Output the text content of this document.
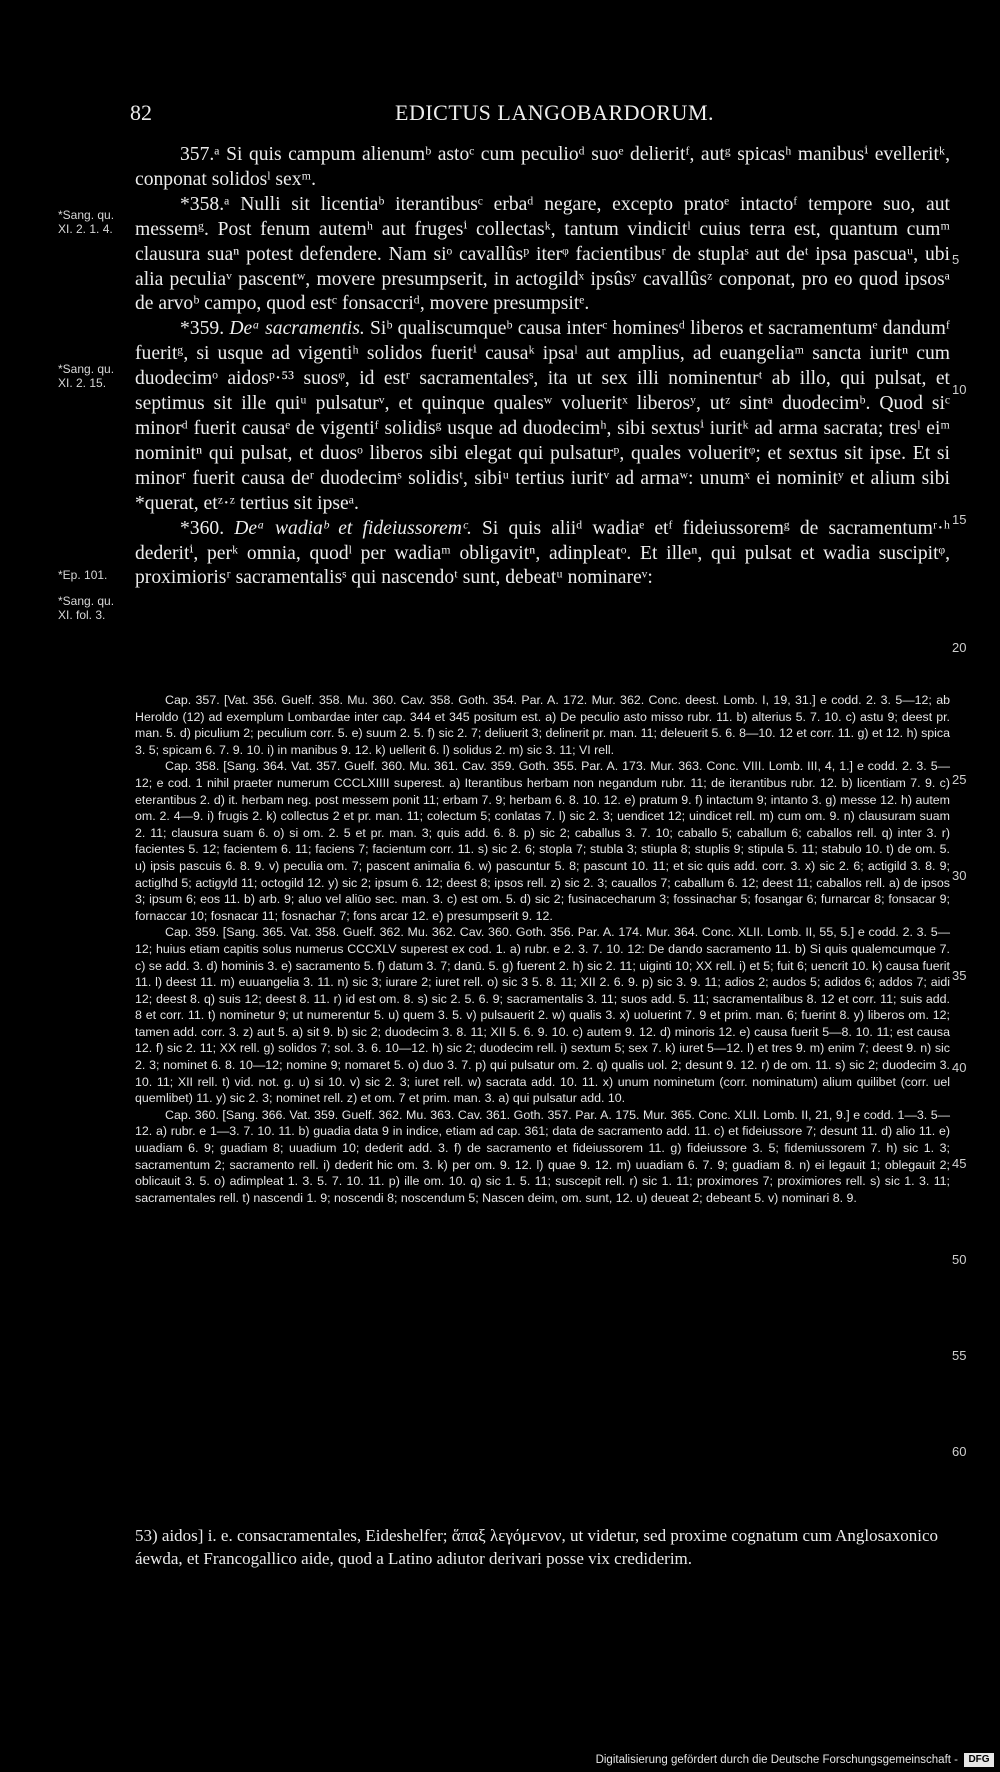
82	EDICTUS LANGOBARDORUM.
*Sang. qu. XI. 2. 1. 4.
*Sang. qu. XI. 2. 15.
*Ep. 101.
*Sang. qu. XI. fol. 3.
5
10
15
20
25
30
35
40
45
50
55
60

357.ᵃ Si quis campum alienumᵇ astoᶜ cum peculioᵈ suoᵉ delieritᶠ, autᵍ spicasʰ manibusⁱ evelleritᵏ, conponat solidosˡ sexᵐ.

*358.ᵃ Nulli sit licentiaᵇ iterantibusᶜ erbaᵈ negare, excepto pratoᵉ intactoᶠ tempore suo, aut messemᵍ. Post fenum autemʰ aut frugesⁱ collectasᵏ, tantum vindicitˡ cuius terra est, quantum cumᵐ clausura suaⁿ potest defendere. Nam siᵒ cavallûsᵖ iterᵠ facientibusʳ de stuplaˢ aut deᵗ ipsa pascuaᵘ, ubi alia peculiaᵛ pascentʷ, movere presumpserit, in actogildˣ ipsûsʸ cavallûsᶻ conponat, pro eo quod ipsosᵃ de arvoᵇ campo, quod estᶜ fonsaccriᵈ, movere presumpsitᵉ.

*359. Deᵃ sacramentis. Siᵇ qualiscumqueᵇ causa interᶜ hominesᵈ liberos et sacramentumᵉ dandumᶠ fueritᵍ, si usque ad vigentiʰ solidos fueritⁱ causaᵏ ipsaˡ aut amplius, ad euangeliaᵐ sancta iuritⁿ cum duodecimᵒ aidosᵖ·⁵³ suosᵠ, id estʳ sacramentalesˢ, ita ut sex illi nominenturᵗ ab illo, qui pulsat, et septimus sit ille quiᵘ pulsaturᵛ, et quinque qualesʷ volueritˣ liberosʸ, utᶻ sintᵃ duodecimᵇ. Quod siᶜ minorᵈ fuerit causaᵉ de vigentiᶠ solidisᵍ usque ad duodecimʰ, sibi sextusⁱ iuritᵏ ad arma sacrata; tresˡ eiᵐ nominitⁿ qui pulsat, et duosᵒ liberos sibi elegat qui pulsaturᵖ, quales volueritᵠ; et sextus sit ipse. Et si minorʳ fuerit causa deʳ duodecimˢ solidisᵗ, sibiᵘ tertius iuritᵛ ad armaʷ: unumˣ ei nominitʸ et alium sibi *querat, etᶻ·ᶻ tertius sit ipseᵃ.

*360. Deᵃ wadiaᵇ et fideiussoremᶜ. Si quis aliiᵈ wadiaᵉ etᶠ fideiussoremᵍ de sacramentumʳ·ʰ dederitⁱ, perᵏ omnia, quodˡ per wadiaᵐ obligavitⁿ, adinpleatᵒ. Et illeⁿ, qui pulsat et wadia suscipitᵠ, proximiorisʳ sacramentalisˢ qui nascendoᵗ sunt, debeatᵘ nominareᵛ:

Cap. 357. [Vat. 356. Guelf. 358. Mu. 360. Cav. 358. Goth. 354. Par. A. 172. Mur. 362. Conc. deest. Lomb. I, 19, 31.] e codd. 2. 3. 5—12; ab Heroldo (12) ad exemplum Lombardae inter cap. 344 et 345 positum est. a) De peculio asto misso rubr. 11. b) alterius 5. 7. 10. c) astu 9; deest pr. man. 5. d) piculium 2; peculium corr. 5. e) suum 2. 5. f) sic 2. 7; deliuerit 3; delinerit pr. man. 11; deleuerit 5. 6. 8—10. 12 et corr. 11. g) et 12. h) spica 3. 5; spicam 6. 7. 9. 10. i) in manibus 9. 12. k) uellerit 6. l) solidus 2. m) sic 3. 11; VI rell.

Cap. 358. [Sang. 364. Vat. 357. Guelf. 360. Mu. 361. Cav. 359. Goth. 355. Par. A. 173. Mur. 363. Conc. VIII. Lomb. III, 4, 1.] e codd. 2. 3. 5—12; e cod. 1 nihil praeter numerum CCCLXIIII superest. a) Iterantibus herbam non negandum rubr. 11; de iterantibus rubr. 12. b) licentiam 7. 9. c) eterantibus 2. d) it. herbam neg. post messem ponit 11; erbam 7. 9; herbam 6. 8. 10. 12. e) pratum 9. f) intactum 9; intanto 3. g) messe 12. h) autem om. 2. 4—9. i) frugis 2. k) collectus 2 et pr. man. 11; colectum 5; conlatas 7. l) sic 2. 3; uendicet 12; uindicet rell. m) cum om. 9. n) clausuram suam 2. 11; clausura suam 6. o) si om. 2. 5 et pr. man. 3; quis add. 6. 8. p) sic 2; caballus 3. 7. 10; caballo 5; caballum 6; caballos rell. q) inter 3. r) facientes 5. 12; facientem 6. 11; faciens 7; facientum corr. 11. s) sic 2. 6; stopla 7; stubla 3; stiupla 8; stuplis 9; stipula 5. 11; stabulo 10. t) de om. 5. u) ipsis pascuis 6. 8. 9. v) peculia om. 7; pascent animalia 6. w) pascuntur 5. 8; pascunt 10. 11; et sic quis add. corr. 3. x) sic 2. 6; actigild 3. 8. 9; actiglhd 5; actigyld 11; octogild 12. y) sic 2; ipsum 6. 12; deest 8; ipsos rell. z) sic 2. 3; cauallos 7; caballum 6. 12; deest 11; caballos rell. a) de ipsos 3; ipsum 6; eos 11. b) arb. 9; aluo vel aliūo sec. man. 3. c) est om. 5. d) sic 2; fusinacecharum 3; fossinachar 5; fosangar 6; furnarcar 8; fonsacar 9; fornaccar 10; fosnacar 11; fosnachar 7; fons arcar 12. e) presumpserit 9. 12.

Cap. 359. [Sang. 365. Vat. 358. Guelf. 362. Mu. 362. Cav. 360. Goth. 356. Par. A. 174. Mur. 364. Conc. XLII. Lomb. II, 55, 5.] e codd. 2. 3. 5—12; huius etiam capitis solus numerus CCCXLV superest ex cod. 1. a) rubr. e 2. 3. 7. 10. 12: De dando sacramento 11. b) Si quis qualemcumque 7. c) se add. 3. d) hominis 3. e) sacramento 5. f) datum 3. 7; danū. 5. g) fuerent 2. h) sic 2. 11; uiginti 10; XX rell. i) et 5; fuit 6; uencrit 10. k) causa fuerit 11. l) deest 11. m) euuangelia 3. 11. n) sic 3; iurare 2; iuret rell. o) sic 3 5. 8. 11; XII 2. 6. 9. p) sic 3. 9. 11; adios 2; audos 5; adidos 6; addos 7; aidi 12; deest 8. q) suis 12; deest 8. 11. r) id est om. 8. s) sic 2. 5. 6. 9; sacramentalis 3. 11; suos add. 5. 11; sacramentalibus 8. 12 et corr. 11; suis add. 8 et corr. 11. t) nominetur 9; ut numerentur 5. u) quem 3. 5. v) pulsauerit 2. w) qualis 3. x) uoluerint 7. 9 et prim. man. 6; fuerint 8. y) liberos om. 12; tamen add. corr. 3. z) aut 5. a) sit 9. b) sic 2; duodecim 3. 8. 11; XII 5. 6. 9. 10. c) autem 9. 12. d) minoris 12. e) causa fuerit 5—8. 10. 11; est causa 12. f) sic 2. 11; XX rell. g) solidos 7; sol. 3. 6. 10—12. h) sic 2; duodecim rell. i) sextum 5; sex 7. k) iuret 5—12. l) et tres 9. m) enim 7; deest 9. n) sic 2. 3; nominet 6. 8. 10—12; nomine 9; nomaret 5. o) duo 3. 7. p) qui pulsatur om. 2. q) qualis uol. 2; desunt 9. 12. r) de om. 11. s) sic 2; duodecim 3. 10. 11; XII rell. t) vid. not. g. u) si 10. v) sic 2. 3; iuret rell. w) sacrata add. 10. 11. x) unum nominetum (corr. nominatum) alium quilibet (corr. uel quemlibet) 11. y) sic 2. 3; nominet rell. z) et om. 7 et prim. man. 3. a) qui pulsatur add. 10.

Cap. 360. [Sang. 366. Vat. 359. Guelf. 362. Mu. 363. Cav. 361. Goth. 357. Par. A. 175. Mur. 365. Conc. XLII. Lomb. II, 21, 9.] e codd. 1—3. 5—12. a) rubr. e 1—3. 7. 10. 11. b) guadia data 9 in indice, etiam ad cap. 361; data de sacramento add. 11. c) et fideiussore 7; desunt 11. d) alio 11. e) uuadiam 6. 9; guadiam 8; uuadium 10; dederit add. 3. f) de sacramento et fideiussorem 11. g) fideiussore 3. 5; fidemiussorem 7. h) sic 1. 3; sacramentum 2; sacramento rell. i) dederit hic om. 3. k) per om. 9. 12. l) quae 9. 12. m) uuadiam 6. 7. 9; guadiam 8. n) ei legauit 1; oblegauit 2; oblicauit 3. 5. o) adimpleat 1. 3. 5. 7. 10. 11. p) ille om. 10. q) sic 1. 5. 11; suscepit rell. r) sic 1. 11; proximores 7; proximiores rell. s) sic 1. 3. 11; sacramentales rell. t) nascendi 1. 9; noscendi 8; noscendum 5; Nascen deim, om. sunt, 12. u) deueat 2; debeant 5. v) nominari 8. 9.

53) aidos] i. e. consacramentales, Eideshelfer; ἅπαξ λεγόμενον, ut videtur, sed proxime cognatum cum Anglosaxonico áewda, et Francogallico aide, quod a Latino adiutor derivari posse vix crediderim.

Digitalisierung gefördert durch die Deutsche Forschungsgemeinschaft -	DFG
